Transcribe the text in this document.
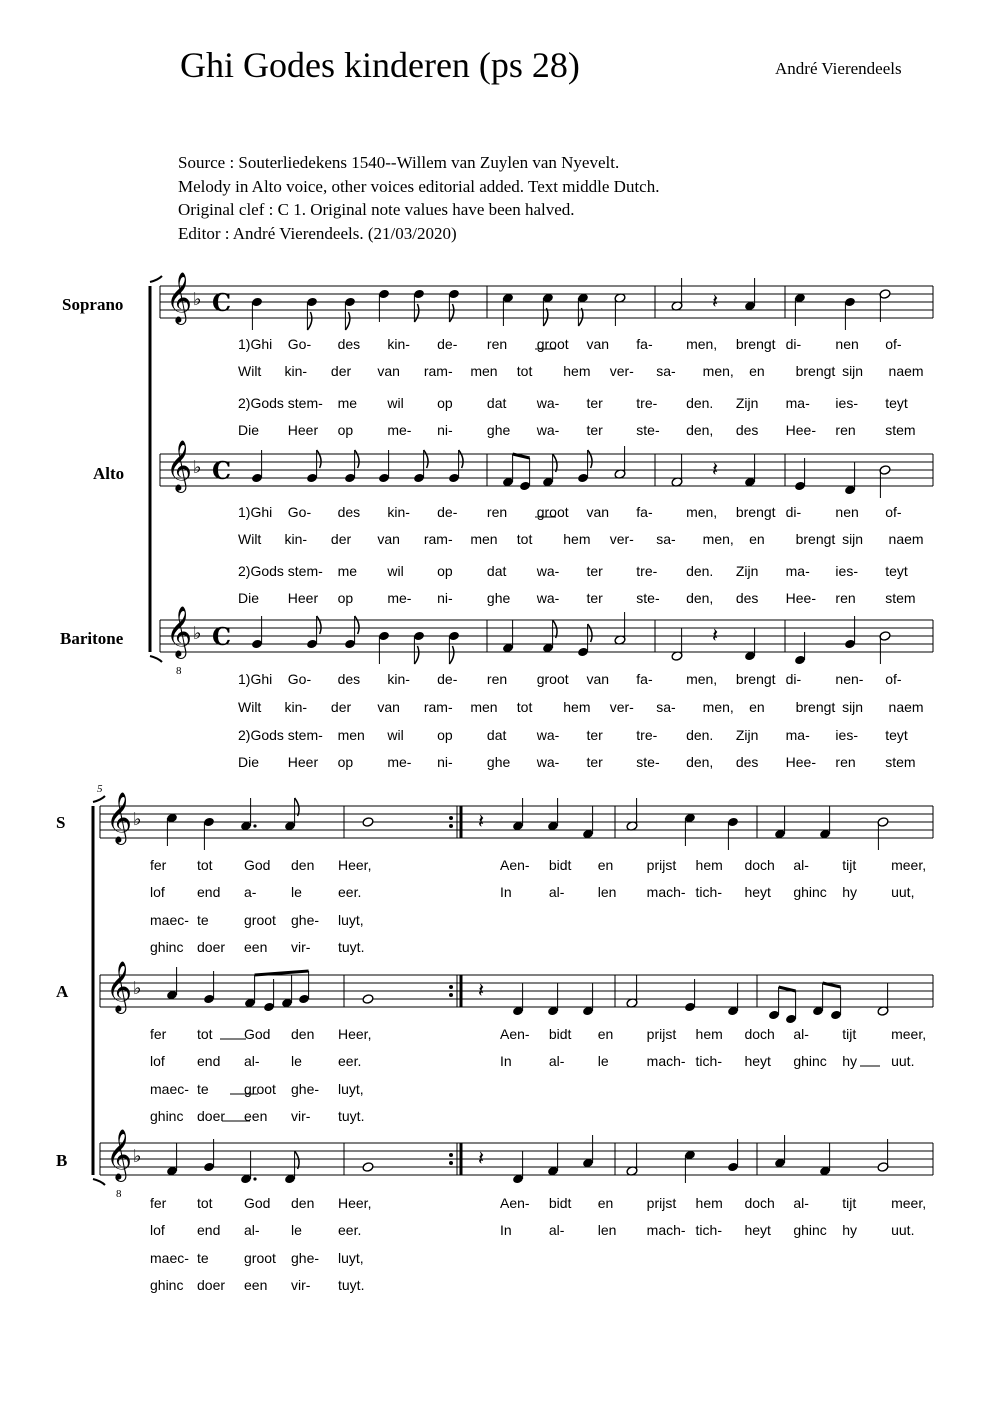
Ghi Godes kinderen (ps 28)	André Vierendeels
Source : Souterliedekens 1540--Willem van Zuylen van Nyevelt.
Melody in Alto voice, other voices editorial added. Text middle Dutch.
Original clef : C 1. Original note values have been halved.
Editor : André Vierendeels. (21/03/2020)
Soprano
Alto
Baritone
S
A
B
𝄞 ♭ C
𝄞 ♭ C
𝄞
8
♭ C
𝄽
𝄽
𝄽
1)Ghi Go- des kin- de- ren groot van fa- men, brengt di- nen of-
Wilt kin- der van ram- men tot hem ver- sa- men, en brengt sijn naem
2)Gods stem- me wil op dat wa- ter tre- den. Zijn ma- ies- teyt
Die Heer op me- ni- ghe wa- ter ste- den, des Hee- ren stem
1)Ghi Go- des kin- de- ren groot van fa- men, brengt di- nen of-
Wilt kin- der van ram- men tot hem ver- sa- men, en brengt sijn naem
2)Gods stem- me wil op dat wa- ter tre- den. Zijn ma- ies- teyt
Die Heer op me- ni- ghe wa- ter ste- den, des Hee- ren stem
1)Ghi Go- des kin- de- ren groot van fa- men, brengt di- nen- of-
Wilt kin- der van ram- men tot hem ver- sa- men, en brengt sijn naem
2)Gods stem- men wil op dat wa- ter tre- den. Zijn ma- ies- teyt
Die Heer op me- ni- ghe wa- ter ste- den, des Hee- ren stem
5
𝄞 ♭
𝄞 ♭
𝄞
8
♭
𝄽
𝄽
𝄽
fer tot God den Heer,	Aen- bidt en prijst hem doch al- tijt meer,
lof end a- le	eer.	In	al- len mach- tich- heyt ghinc hy uut,
maec- te	groot ghe- luyt,
ghinc doer een vir- tuyt.
fer tot God den Heer,	Aen- bidt en prijst hem doch al- tijt meer,
lof end al- le	eer.	In	al- le	mach- tich- heyt ghinc hy uut.
maec- te	groot ghe- luyt,
ghinc doer een vir- tuyt.
fer tot God den Heer,	Aen- bidt en prijst hem doch al- tijt meer,
lof end al- le	eer.	In	al- len mach- tich- heyt ghinc hy uut.
maec- te	groot ghe- luyt,
ghinc doer een vir- tuyt.
